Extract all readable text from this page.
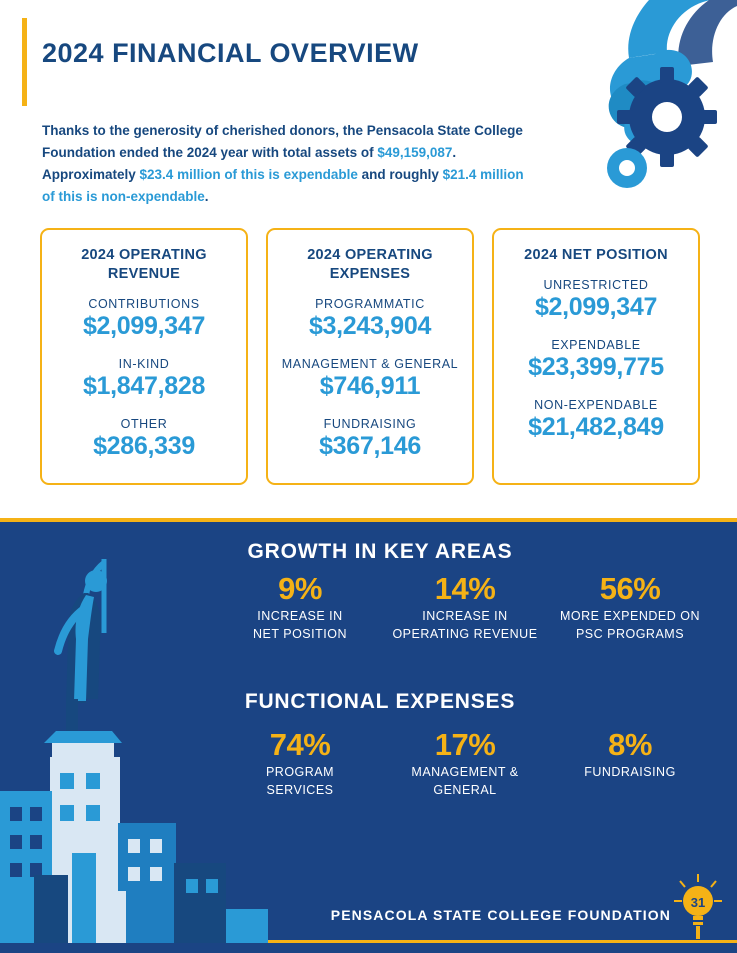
2024 FINANCIAL OVERVIEW
Thanks to the generosity of cherished donors, the Pensacola State College Foundation ended the 2024 year with total assets of $49,159,087. Approximately $23.4 million of this is expendable and roughly $21.4 million of this is non-expendable.
2024 OPERATING REVENUE
CONTRIBUTIONS
$2,099,347
IN-KIND
$1,847,828
OTHER
$286,339
2024 OPERATING EXPENSES
PROGRAMMATIC
$3,243,904
MANAGEMENT & GENERAL
$746,911
FUNDRAISING
$367,146
2024 NET POSITION
UNRESTRICTED
$2,099,347
EXPENDABLE
$23,399,775
NON-EXPENDABLE
$21,482,849
GROWTH IN KEY AREAS
9%
INCREASE IN
NET POSITION
14%
INCREASE IN
OPERATING REVENUE
56%
MORE EXPENDED ON
PSC PROGRAMS
FUNCTIONAL EXPENSES
74%
PROGRAM
SERVICES
17%
MANAGEMENT &
GENERAL
8%
FUNDRAISING
PENSACOLA STATE COLLEGE FOUNDATION
31
